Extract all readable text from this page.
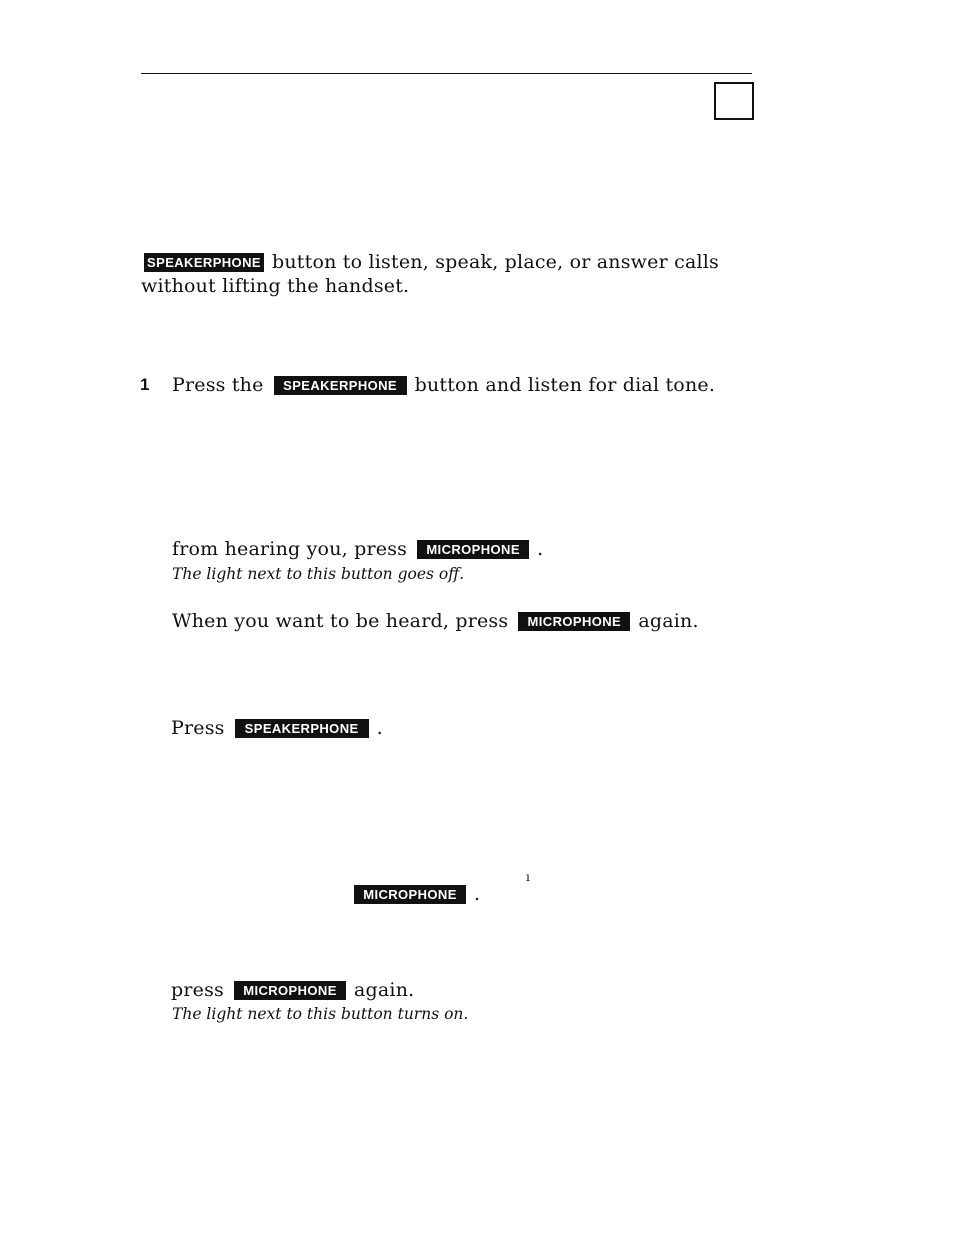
SPEAKERPHONE button to listen, speak, place, or answer calls
without lifting the handset.
1 Press the SPEAKERPHONE button and listen for dial tone.
from hearing you, press MICROPHONE .
The light next to this button goes off.
When you want to be heard, press MICROPHONE again.
Press SPEAKERPHONE .
ı
MICROPHONE .
press MICROPHONE again.
The light next to this button turns on.
